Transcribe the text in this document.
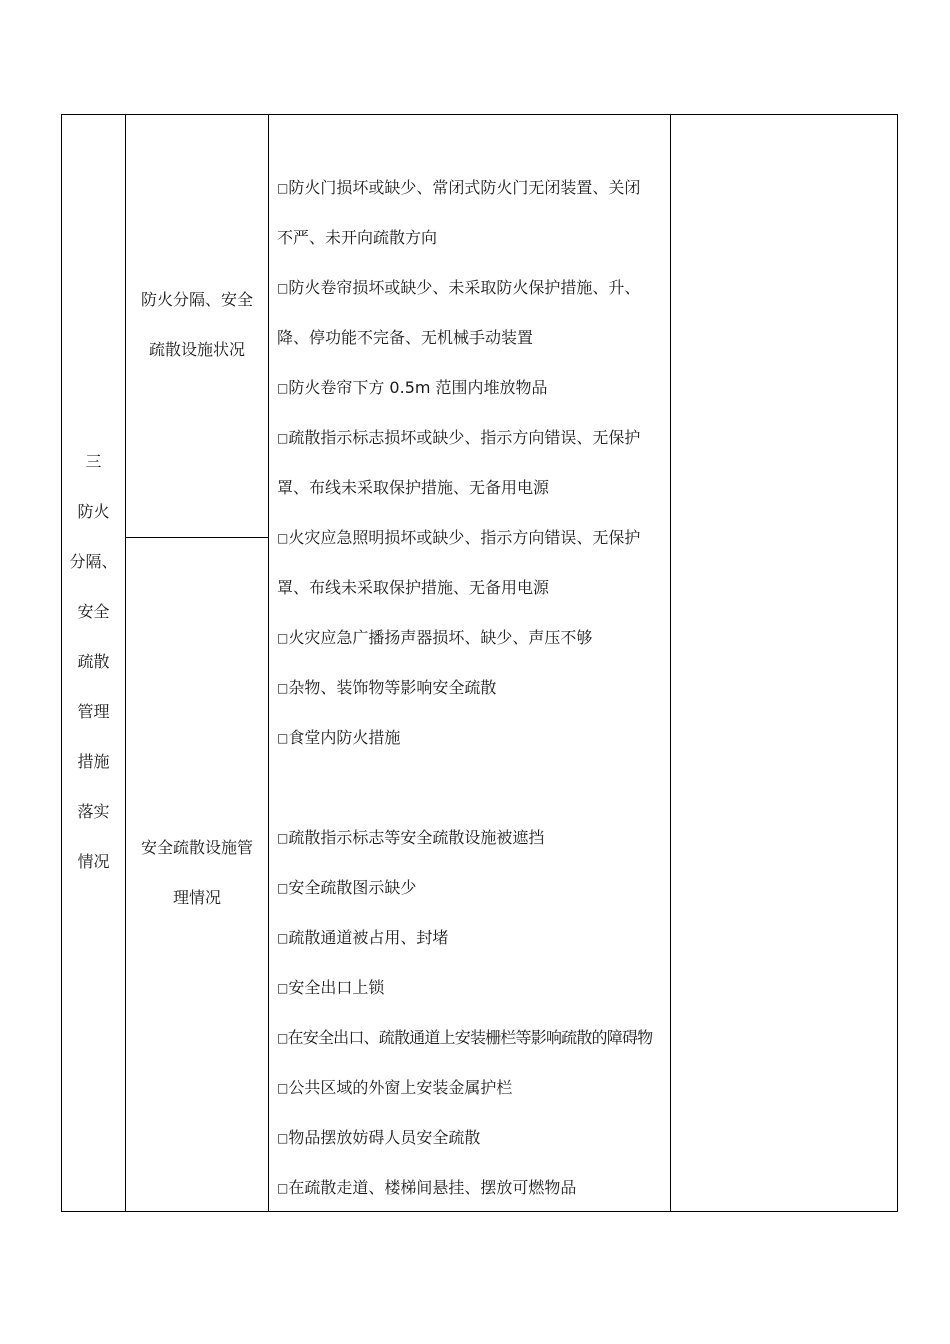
三
防火
分隔、
安全
疏散
管理
措施
落实
情况
防火分隔、安全
疏散设施状况
安全疏散设施管
理情况
□防火门损坏或缺少、常闭式防火门无闭装置、关闭
不严、未开向疏散方向
□防火卷帘损坏或缺少、未采取防火保护措施、升、
降、停功能不完备、无机械手动装置
□防火卷帘下方 0.5m 范围内堆放物品
□疏散指示标志损坏或缺少、指示方向错误、无保护
罩、布线未采取保护措施、无备用电源
□火灾应急照明损坏或缺少、指示方向错误、无保护
罩、布线未采取保护措施、无备用电源
□火灾应急广播扬声器损坏、缺少、声压不够
□杂物、装饰物等影响安全疏散
□食堂内防火措施
□疏散指示标志等安全疏散设施被遮挡
□安全疏散图示缺少
□疏散通道被占用、封堵
□安全出口上锁
□在安全出口、疏散通道上安装栅栏等影响疏散的障碍物
□公共区域的外窗上安装金属护栏
□物品摆放妨碍人员安全疏散
□在疏散走道、楼梯间悬挂、摆放可燃物品
